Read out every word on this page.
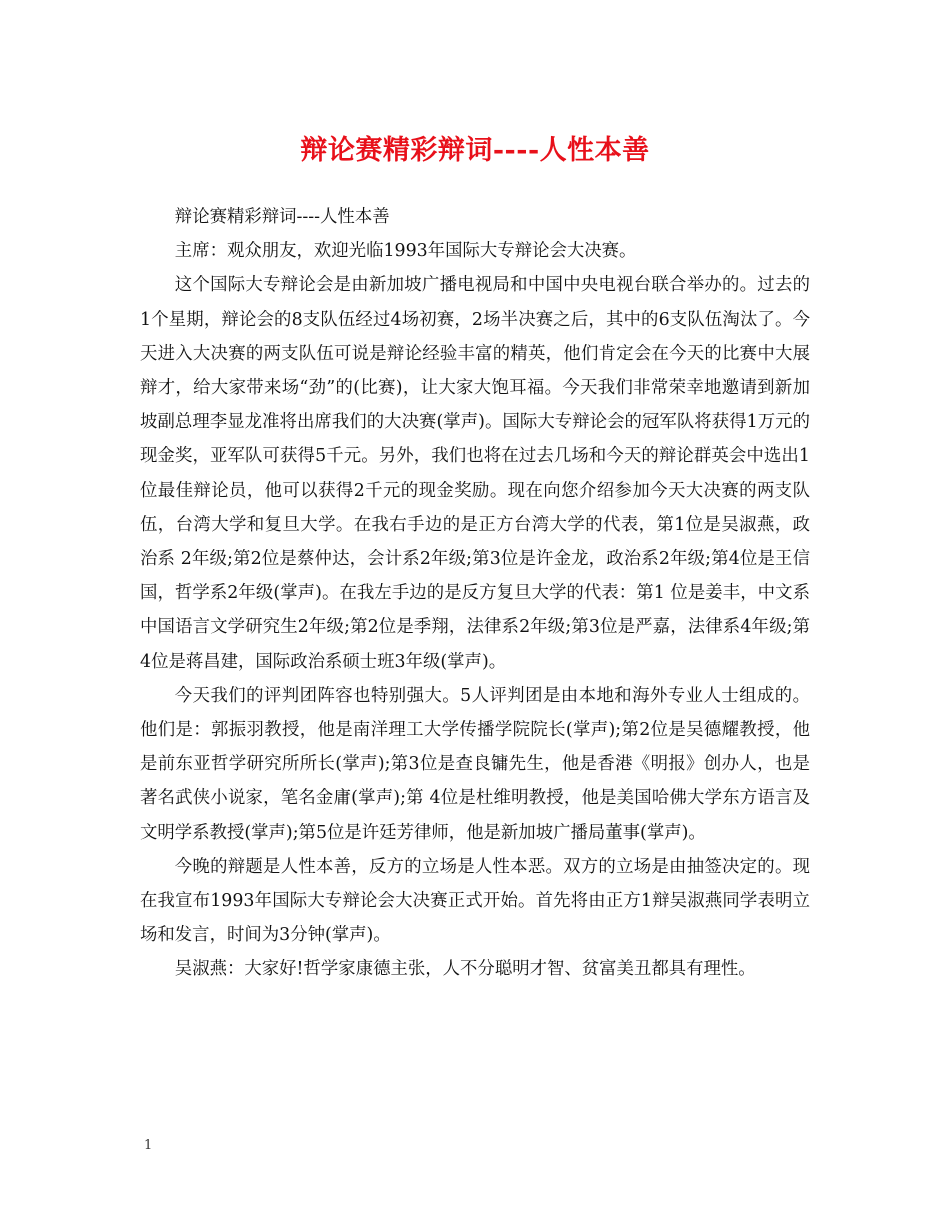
辩论赛精彩辩词----人性本善

辩论赛精彩辩词----人性本善

主席：观众朋友，欢迎光临1993年国际大专辩论会大决赛。

这个国际大专辩论会是由新加坡广播电视局和中国中央电视台联合举办的。过去的1个星期，辩论会的8支队伍经过4场初赛，2场半决赛之后，其中的6支队伍淘汰了。今天进入大决赛的两支队伍可说是辩论经验丰富的精英，他们肯定会在今天的比赛中大展辩才，给大家带来场“劲”的(比赛)，让大家大饱耳福。今天我们非常荣幸地邀请到新加坡副总理李显龙准将出席我们的大决赛(掌声)。国际大专辩论会的冠军队将获得1万元的现金奖，亚军队可获得5千元。另外，我们也将在过去几场和今天的辩论群英会中选出1位最佳辩论员，他可以获得2千元的现金奖励。现在向您介绍参加今天大决赛的两支队伍，台湾大学和复旦大学。在我右手边的是正方台湾大学的代表，第1位是吴淑燕，政治系 2年级;第2位是蔡仲达，会计系2年级;第3位是许金龙，政治系2年级;第4位是王信国，哲学系2年级(掌声)。在我左手边的是反方复旦大学的代表：第1 位是姜丰，中文系中国语言文学研究生2年级;第2位是季翔，法律系2年级;第3位是严嘉，法律系4年级;第4位是蒋昌建，国际政治系硕士班3年级(掌声)。

今天我们的评判团阵容也特别强大。5人评判团是由本地和海外专业人士组成的。他们是：郭振羽教授，他是南洋理工大学传播学院院长(掌声);第2位是吴德耀教授，他是前东亚哲学研究所所长(掌声);第3位是查良镛先生，他是香港《明报》创办人，也是著名武侠小说家，笔名金庸(掌声);第 4位是杜维明教授，他是美国哈佛大学东方语言及文明学系教授(掌声);第5位是许廷芳律师，他是新加坡广播局董事(掌声)。

今晚的辩题是人性本善，反方的立场是人性本恶。双方的立场是由抽签决定的。现在我宣布1993年国际大专辩论会大决赛正式开始。首先将由正方1辩吴淑燕同学表明立场和发言，时间为3分钟(掌声)。

吴淑燕：大家好!哲学家康德主张，人不分聪明才智、贫富美丑都具有理性。

1
